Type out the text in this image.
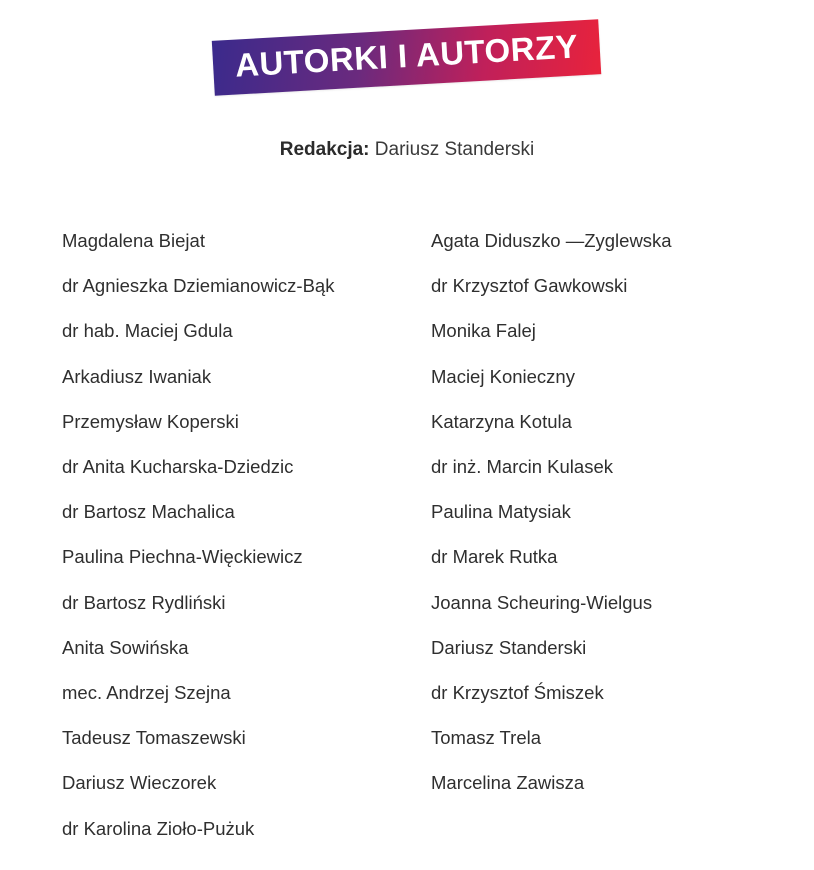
AUTORKI I AUTORZY
Redakcja: Dariusz Standerski
Magdalena Biejat
dr Agnieszka Dziemianowicz-Bąk
dr hab. Maciej Gdula
Arkadiusz Iwaniak
Przemysław Koperski
dr Anita Kucharska-Dziedzic
dr Bartosz Machalica
Paulina Piechna-Więckiewicz
dr Bartosz Rydliński
Anita Sowińska
mec. Andrzej Szejna
Tadeusz Tomaszewski
Dariusz Wieczorek
dr Karolina Zioło-Pużuk
Agata Diduszko —Zyglewska
dr Krzysztof Gawkowski
Monika Falej
Maciej Konieczny
Katarzyna Kotula
dr inż. Marcin Kulasek
Paulina Matysiak
dr Marek Rutka
Joanna Scheuring-Wielgus
Dariusz Standerski
dr Krzysztof Śmiszek
Tomasz Trela
Marcelina Zawisza
